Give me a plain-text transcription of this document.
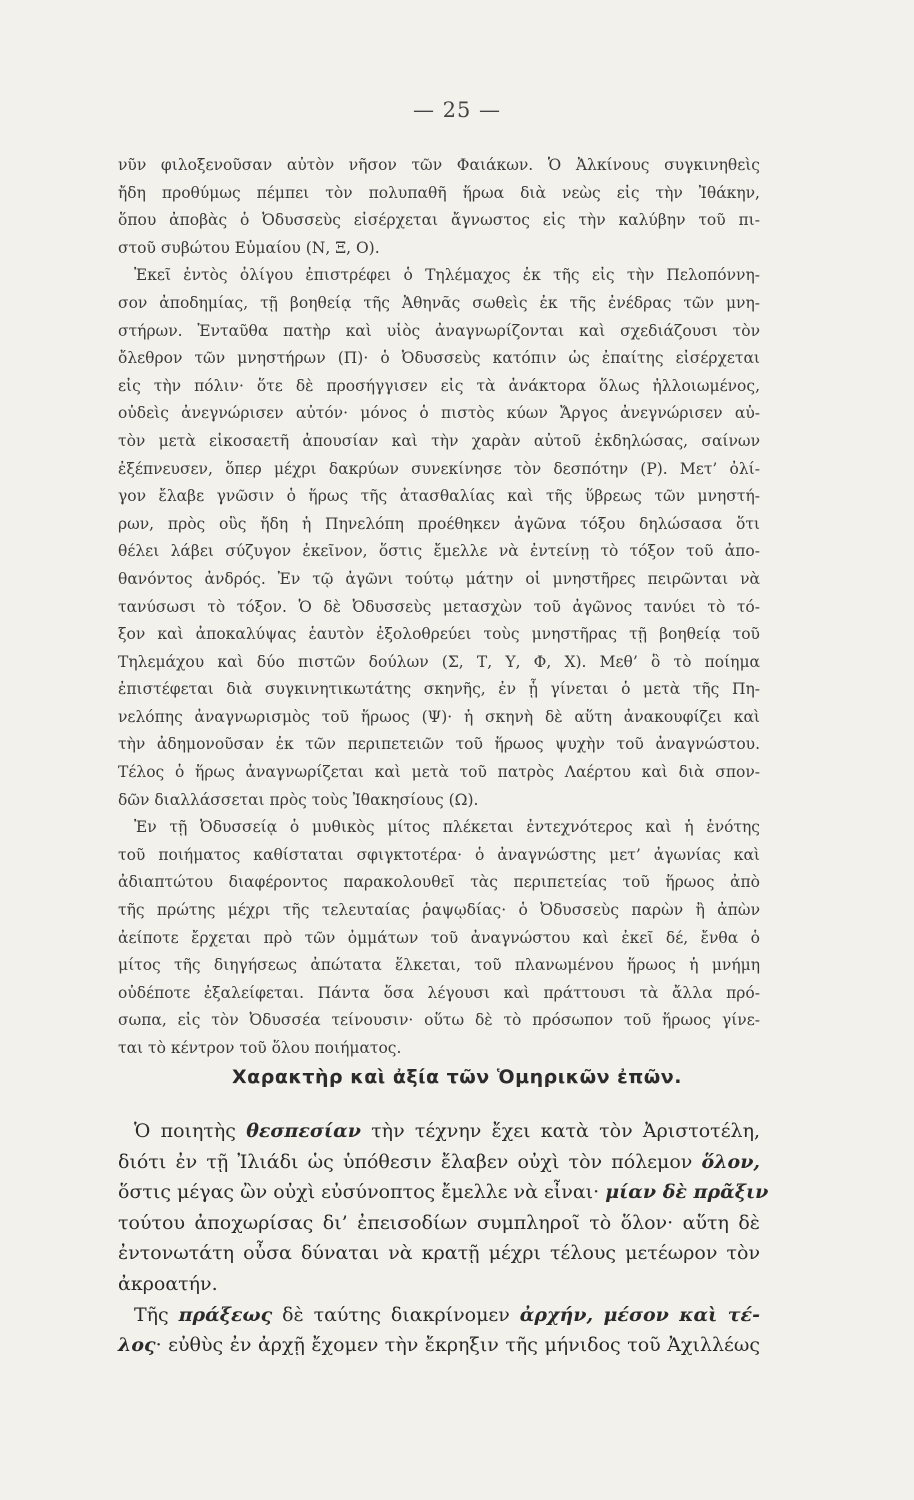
— 25 —
νῦν φιλοξενοῦσαν αὐτὸν νῆσον τῶν Φαιάκων. Ὁ Ἀλκίνους συγκινηθεὶς
ἤδη προθύμως πέμπει τὸν πολυπαθῆ ἥρωα διὰ νεὼς εἰς τὴν Ἰθάκην,
ὅπου ἀποβὰς ὁ Ὀδυσσεὺς εἰσέρχεται ἄγνωστος εἰς τὴν καλύβην τοῦ πι-
στοῦ συβώτου Εὐμαίου (Ν, Ξ, Ο).
Ἐκεῖ ἐντὸς ὀλίγου ἐπιστρέφει ὁ Τηλέμαχος ἐκ τῆς εἰς τὴν Πελοπόννη-
σον ἀποδημίας, τῇ βοηθείᾳ τῆς Ἀθηνᾶς σωθεὶς ἐκ τῆς ἐνέδρας τῶν μνη-
στήρων. Ἐνταῦθα πατὴρ καὶ υἱὸς ἀναγνωρίζονται καὶ σχεδιάζουσι τὸν
ὄλεθρον τῶν μνηστήρων (Π)· ὁ Ὀδυσσεὺς κατόπιν ὡς ἐπαίτης εἰσέρχεται
εἰς τὴν πόλιν· ὅτε δὲ προσήγγισεν εἰς τὰ ἀνάκτορα ὅλως ἠλλοιωμένος,
οὐδεὶς ἀνεγνώρισεν αὐτόν· μόνος ὁ πιστὸς κύων Ἄργος ἀνεγνώρισεν αὐ-
τὸν μετὰ εἰκοσαετῆ ἀπουσίαν καὶ τὴν χαρὰν αὐτοῦ ἐκδηλώσας, σαίνων
ἐξέπνευσεν, ὅπερ μέχρι δακρύων συνεκίνησε τὸν δεσπότην (Ρ). Μετ’ ὀλί-
γον ἔλαβε γνῶσιν ὁ ἥρως τῆς ἀτασθαλίας καὶ τῆς ὕβρεως τῶν μνηστή-
ρων, πρὸς οὓς ἤδη ἡ Πηνελόπη προέθηκεν ἀγῶνα τόξου δηλώσασα ὅτι
θέλει λάβει σύζυγον ἐκεῖνον, ὅστις ἔμελλε νὰ ἐντείνῃ τὸ τόξον τοῦ ἀπο-
θανόντος ἀνδρός. Ἐν τῷ ἀγῶνι τούτῳ μάτην οἱ μνηστῆρες πειρῶνται νὰ
τανύσωσι τὸ τόξον. Ὁ δὲ Ὀδυσσεὺς μετασχὼν τοῦ ἀγῶνος τανύει τὸ τό-
ξον καὶ ἀποκαλύψας ἑαυτὸν ἐξολοθρεύει τοὺς μνηστῆρας τῇ βοηθείᾳ τοῦ
Τηλεμάχου καὶ δύο πιστῶν δούλων (Σ, Τ, Υ, Φ, Χ). Μεθ’ ὃ τὸ ποίημα
ἐπιστέφεται διὰ συγκινητικωτάτης σκηνῆς, ἐν ᾗ γίνεται ὁ μετὰ τῆς Πη-
νελόπης ἀναγνωρισμὸς τοῦ ἥρωος (Ψ)· ἡ σκηνὴ δὲ αὕτη ἀνακουφίζει καὶ
τὴν ἀδημονοῦσαν ἐκ τῶν περιπετειῶν τοῦ ἥρωος ψυχὴν τοῦ ἀναγνώστου.
Τέλος ὁ ἥρως ἀναγνωρίζεται καὶ μετὰ τοῦ πατρὸς Λαέρτου καὶ διὰ σπον-
δῶν διαλλάσσεται πρὸς τοὺς Ἰθακησίους (Ω).
Ἐν τῇ Ὀδυσσείᾳ ὁ μυθικὸς μίτος πλέκεται ἐντεχνότερος καὶ ἡ ἑνότης
τοῦ ποιήματος καθίσταται σφιγκτοτέρα· ὁ ἀναγνώστης μετ’ ἀγωνίας καὶ
ἀδιαπτώτου διαφέροντος παρακολουθεῖ τὰς περιπετείας τοῦ ἥρωος ἀπὸ
τῆς πρώτης μέχρι τῆς τελευταίας ῥαψῳδίας· ὁ Ὀδυσσεὺς παρὼν ἢ ἀπὼν
ἀείποτε ἔρχεται πρὸ τῶν ὀμμάτων τοῦ ἀναγνώστου καὶ ἐκεῖ δέ, ἔνθα ὁ
μίτος τῆς διηγήσεως ἀπώτατα ἕλκεται, τοῦ πλανωμένου ἥρωος ἡ μνήμη
οὐδέποτε ἐξαλείφεται. Πάντα ὅσα λέγουσι καὶ πράττουσι τὰ ἄλλα πρό-
σωπα, εἰς τὸν Ὀδυσσέα τείνουσιν· οὕτω δὲ τὸ πρόσωπον τοῦ ἥρωος γίνε-
ται τὸ κέντρον τοῦ ὅλου ποιήματος.
Χαρακτὴρ καὶ ἀξία τῶν Ὁμηρικῶν ἐπῶν.
Ὁ ποιητὴς θεσπεσίαν τὴν τέχνην ἔχει κατὰ τὸν Ἀριστοτέλη,
διότι ἐν τῇ Ἰλιάδι ὡς ὑπόθεσιν ἔλαβεν οὐχὶ τὸν πόλεμον ὅλον,
ὅστις μέγας ὢν οὐχὶ εὐσύνοπτος ἔμελλε νὰ εἶναι· μίαν δὲ πρᾶξιν
τούτου ἀποχωρίσας δι’ ἐπεισοδίων συμπληροῖ τὸ ὅλον· αὕτη δὲ
ἐντονωτάτη οὖσα δύναται νὰ κρατῇ μέχρι τέλους μετέωρον τὸν
ἀκροατήν.
Τῆς πράξεως δὲ ταύτης διακρίνομεν ἀρχήν, μέσον καὶ τέ-
λος· εὐθὺς ἐν ἀρχῇ ἔχομεν τὴν ἔκρηξιν τῆς μήνιδος τοῦ Ἀχιλλέως
